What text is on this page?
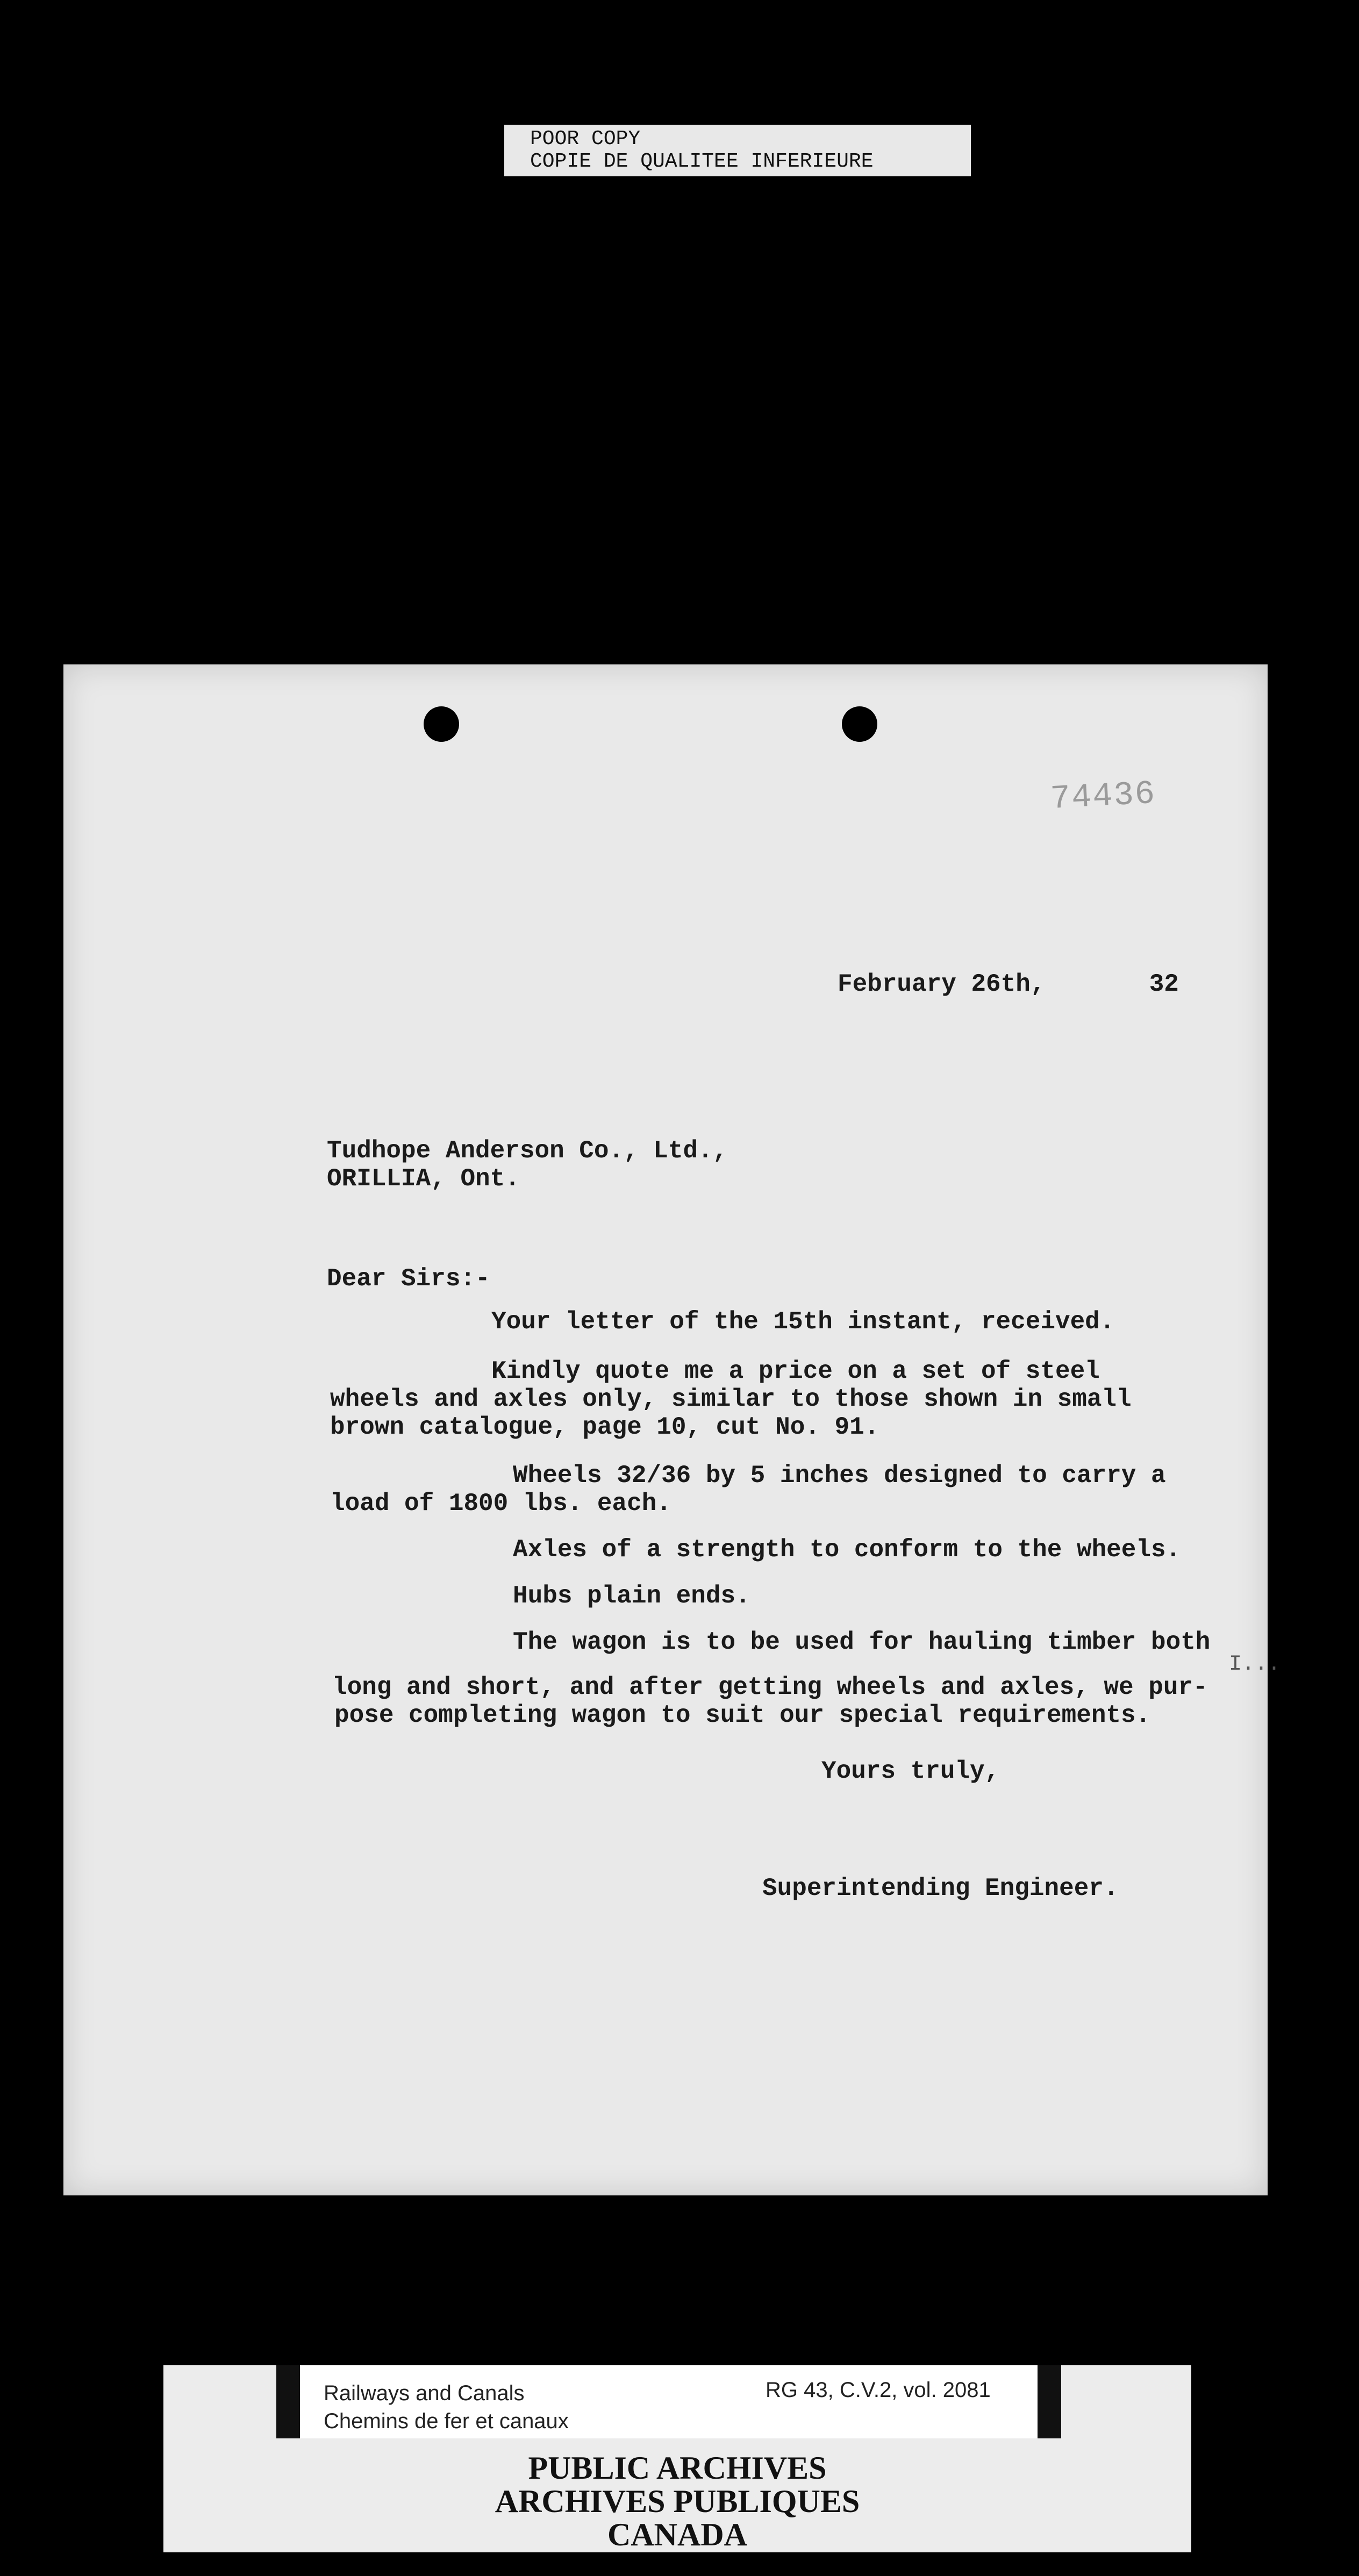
POOR COPY
COPIE DE QUALITEE INFERIEURE
74436
February 26th,       32
Tudhope Anderson Co., Ltd.,
ORILLIA, Ont.
Dear Sirs:-
Your letter of the 15th instant, received.
Kindly quote me a price on a set of steel
wheels and axles only, similar to those shown in small
brown catalogue, page 10, cut No. 91.
Wheels 32/36 by 5 inches designed to carry a
load of 1800 lbs. each.
Axles of a strength to conform to the wheels.
Hubs plain ends.
The wagon is to be used for hauling timber both
long and short, and after getting wheels and axles, we pur-
pose completing wagon to suit our special requirements.
Yours truly,
Superintending Engineer.
I...
Railways and Canals
Chemins de fer et canaux
RG 43, C.V.2, vol. 2081
PUBLIC ARCHIVES
ARCHIVES PUBLIQUES
CANADA
